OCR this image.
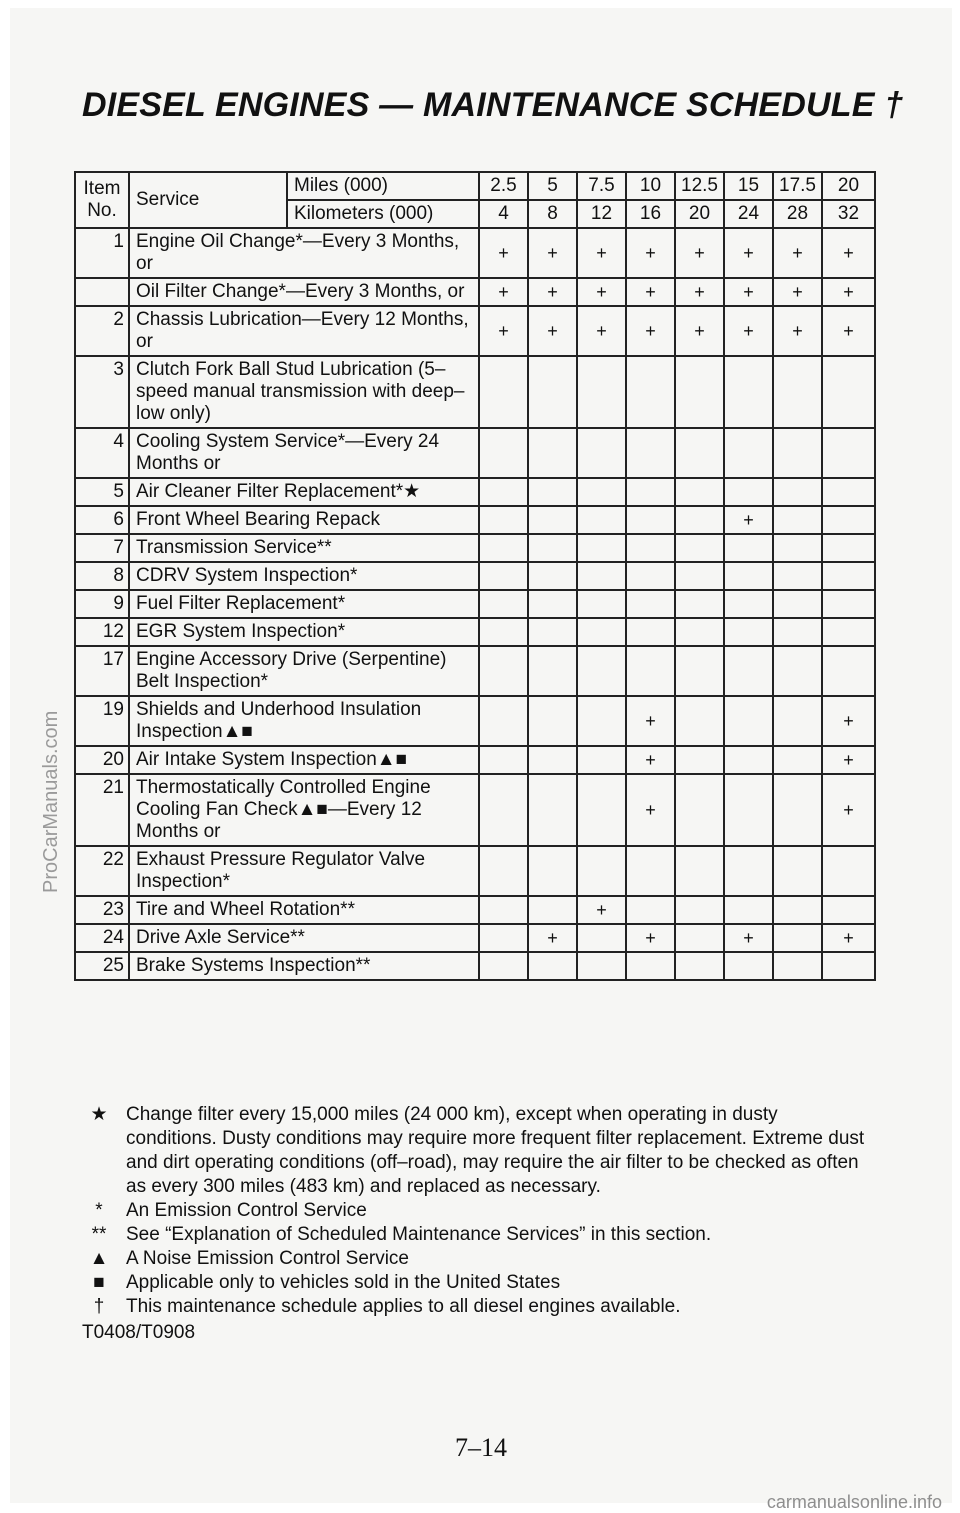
DIESEL ENGINES — MAINTENANCE SCHEDULE †
ProCarManuals.com
Item No.	Service	Miles (000)	2.5	5	7.5	10	12.5	15	17.5	20
		Kilometers (000)	4	8	12	16	20	24	28	32
1	Engine Oil Change*—Every 3 Months, or		+	+	+	+	+	+	+	+
	Oil Filter Change*—Every 3 Months, or		+	+	+	+	+	+	+	+
2	Chassis Lubrication—Every 12 Months, or		+	+	+	+	+	+	+	+
3	Clutch Fork Ball Stud Lubrication (5–speed manual transmission with deep–low only)									
4	Cooling System Service*—Every 24 Months or									
5	Air Cleaner Filter Replacement*★									
6	Front Wheel Bearing Repack							+		
7	Transmission Service**									
8	CDRV System Inspection*									
9	Fuel Filter Replacement*									
12	EGR System Inspection*									
17	Engine Accessory Drive (Serpentine) Belt Inspection*									
19	Shields and Underhood Insulation Inspection▲■					+				+
20	Air Intake System Inspection▲■					+				+
21	Thermostatically Controlled Engine Cooling Fan Check▲■—Every 12 Months or					+				+
22	Exhaust Pressure Regulator Valve Inspection*									
23	Tire and Wheel Rotation**				+					
24	Drive Axle Service**			+		+		+		+
25	Brake Systems Inspection**									
★ Change filter every 15,000 miles (24 000 km), except when operating in dusty conditions. Dusty conditions may require more frequent filter replacement. Extreme dust and dirt operating conditions (off–road), may require the air filter to be checked as often as every 300 miles (483 km) and replaced as necessary.
*	An Emission Control Service
**	See “Explanation of Scheduled Maintenance Services” in this section.
▲ A Noise Emission Control Service
■	Applicable only to vehicles sold in the United States
†	This maintenance schedule applies to all diesel engines available.
T0408/T0908
7–14
carmanualsonline.info
